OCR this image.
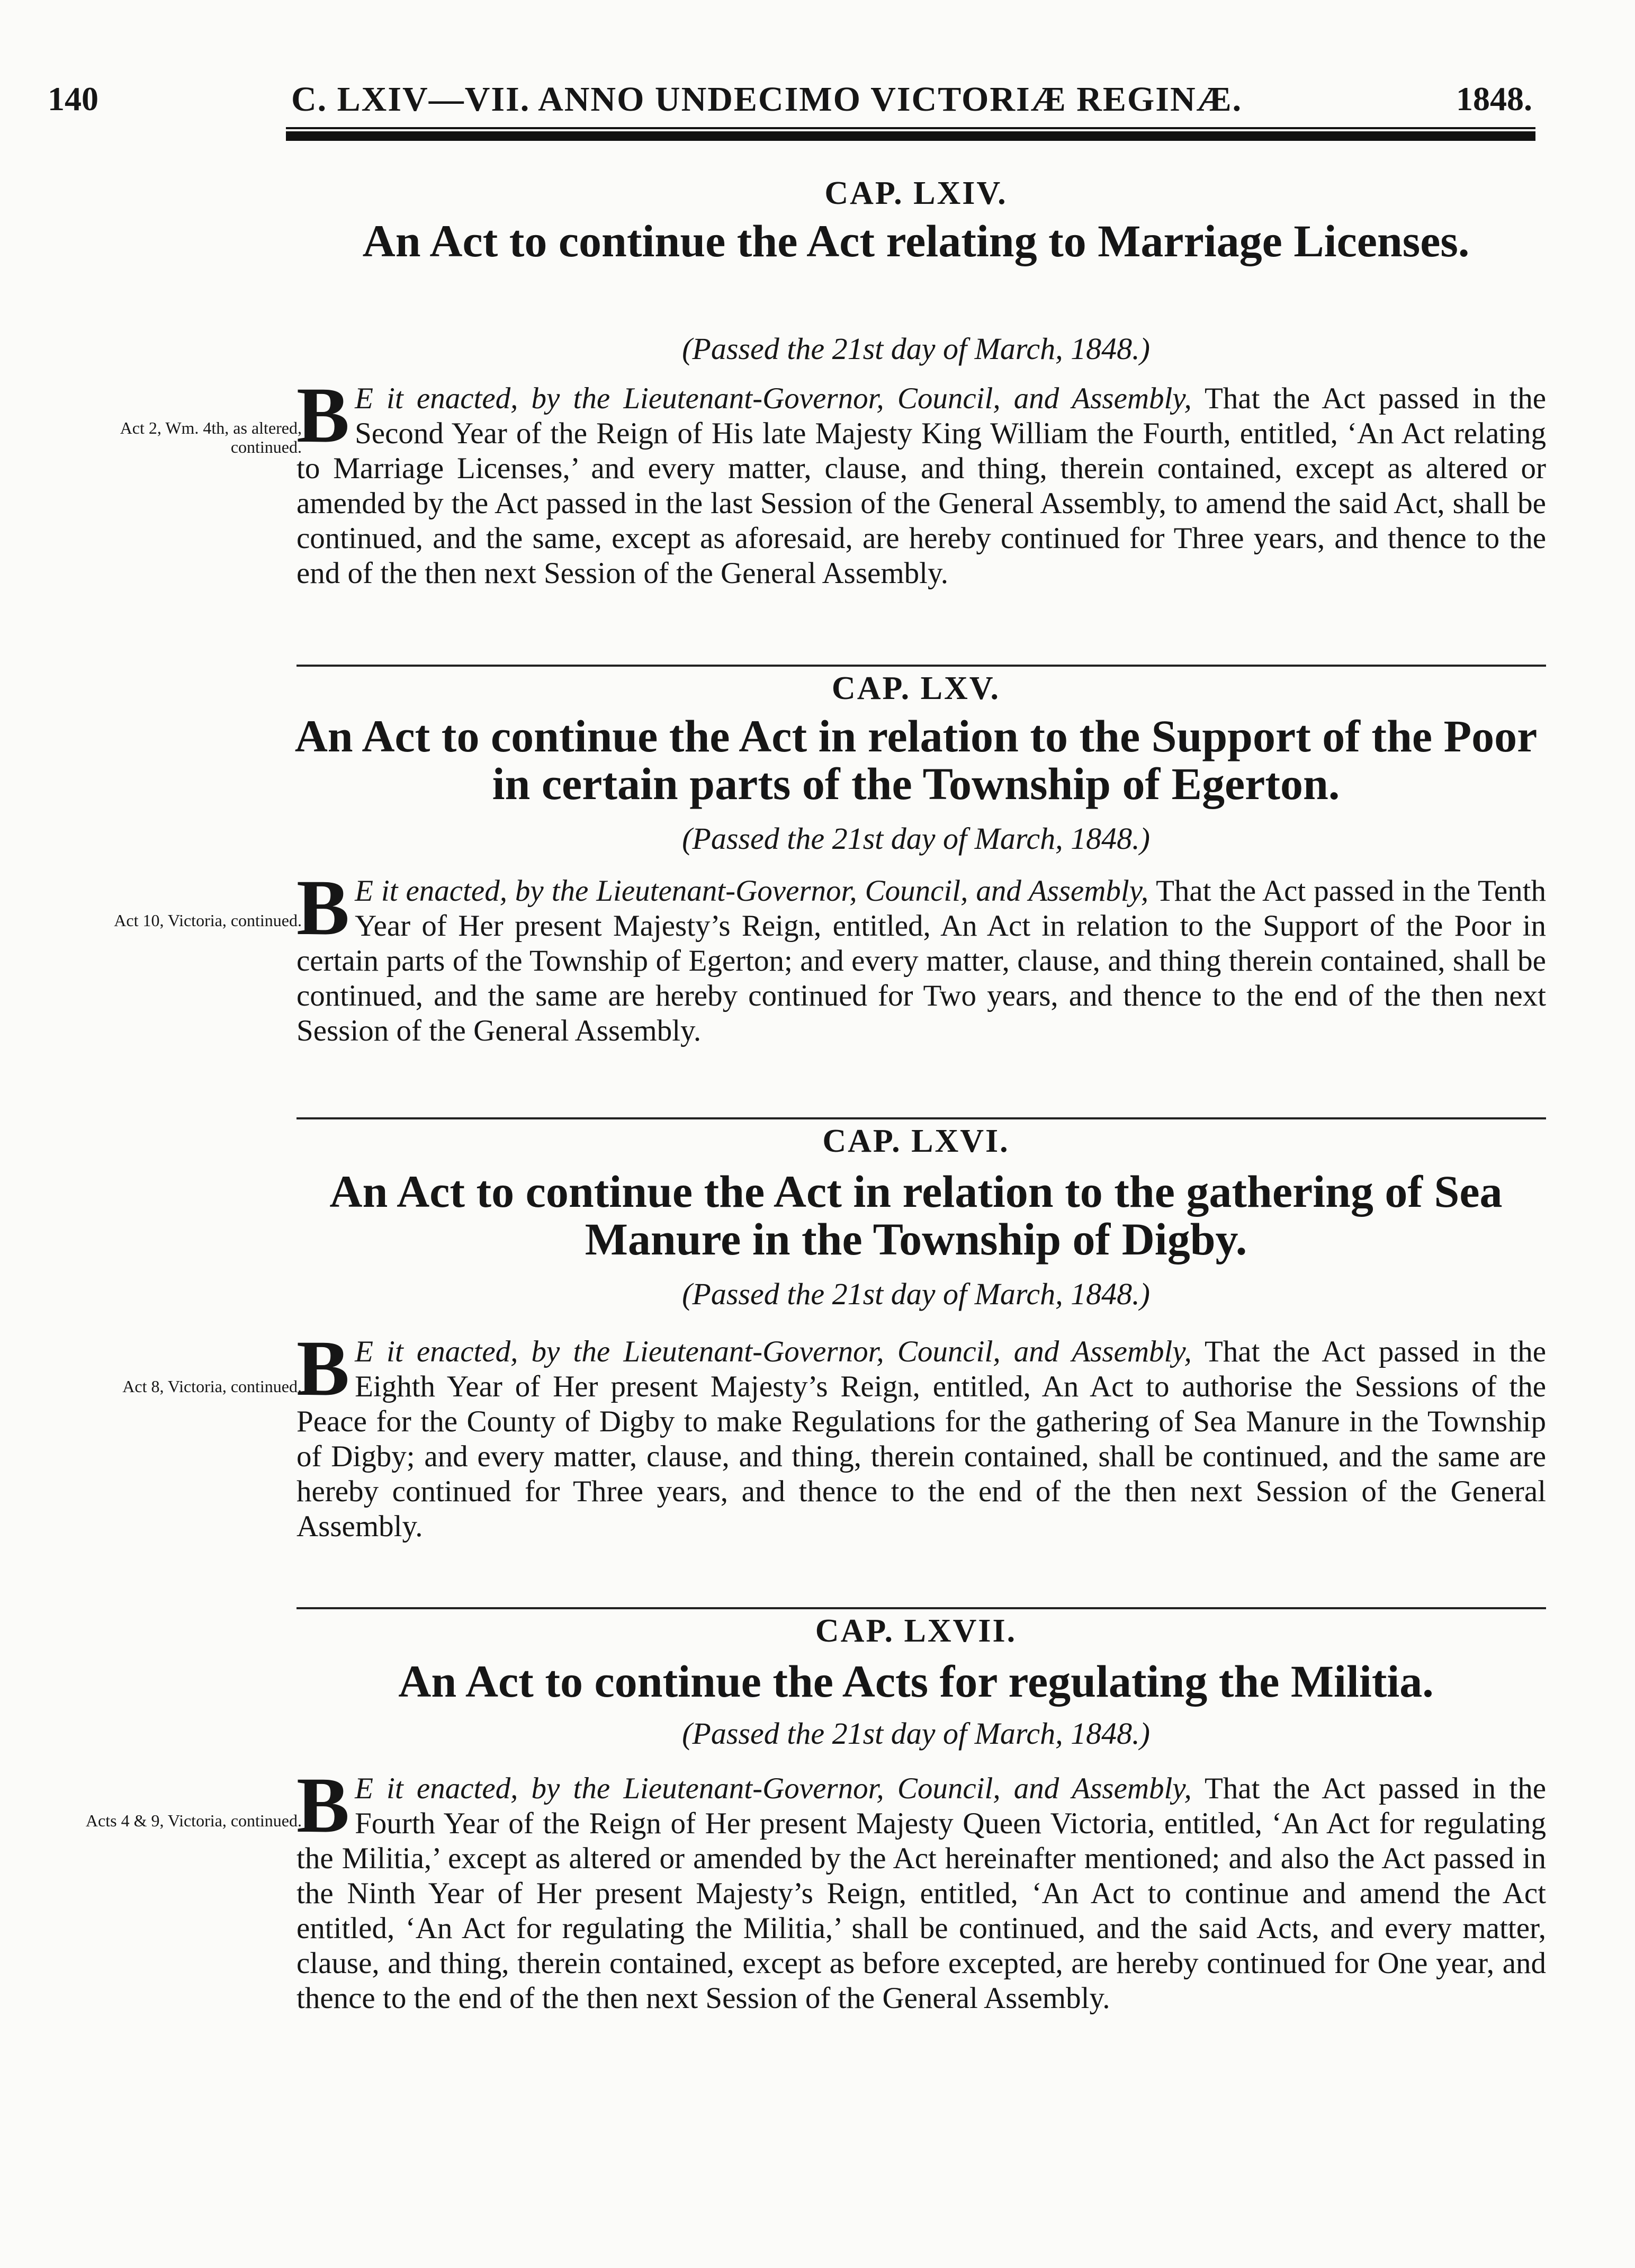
140	C. LXIV—VII. ANNO UNDECIMO VICTORIÆ REGINÆ.	1848.
CAP. LXIV.
An Act to continue the Act relating to Marriage Licenses.
(Passed the 21st day of March, 1848.)
Act 2, Wm. 4th, as altered, continued.
B E it enacted, by the Lieutenant-Governor, Council, and Assembly, That the Act passed in the Second Year of the Reign of His late Majesty King William the Fourth, entitled, ‘An Act relating to Marriage Licenses,’ and every matter, clause, and thing, therein contained, except as altered or amended by the Act passed in the last Session of the General Assembly, to amend the said Act, shall be continued, and the same, except as aforesaid, are hereby continued for Three years, and thence to the end of the then next Session of the General Assembly.
CAP. LXV.
An Act to continue the Act in relation to the Support of the Poor in certain parts of the Township of Egerton.
(Passed the 21st day of March, 1848.)
Act 10, Victoria, continued.
B E it enacted, by the Lieutenant-Governor, Council, and Assembly, That the Act passed in the Tenth Year of Her present Majesty’s Reign, entitled, An Act in relation to the Support of the Poor in certain parts of the Township of Egerton; and every matter, clause, and thing therein contained, shall be continued, and the same are hereby continued for Two years, and thence to the end of the then next Session of the General Assembly.
CAP. LXVI.
An Act to continue the Act in relation to the gathering of Sea Manure in the Township of Digby.
(Passed the 21st day of March, 1848.)
Act 8, Victoria, continued.
B E it enacted, by the Lieutenant-Governor, Council, and Assembly, That the Act passed in the Eighth Year of Her present Majesty’s Reign, entitled, An Act to authorise the Sessions of the Peace for the County of Digby to make Regulations for the gathering of Sea Manure in the Township of Digby; and every matter, clause, and thing, therein contained, shall be continued, and the same are hereby continued for Three years, and thence to the end of the then next Session of the General Assembly.
CAP. LXVII.
An Act to continue the Acts for regulating the Militia.
(Passed the 21st day of March, 1848.)
Acts 4 & 9, Victoria, continued.
B E it enacted, by the Lieutenant-Governor, Council, and Assembly, That the Act passed in the Fourth Year of the Reign of Her present Majesty Queen Victoria, entitled, ‘An Act for regulating the Militia,’ except as altered or amended by the Act hereinafter mentioned; and also the Act passed in the Ninth Year of Her present Majesty’s Reign, entitled, ‘An Act to continue and amend the Act entitled, ‘An Act for regulating the Militia,’ shall be continued, and the said Acts, and every matter, clause, and thing, therein contained, except as before excepted, are hereby continued for One year, and thence to the end of the then next Session of the General Assembly.
